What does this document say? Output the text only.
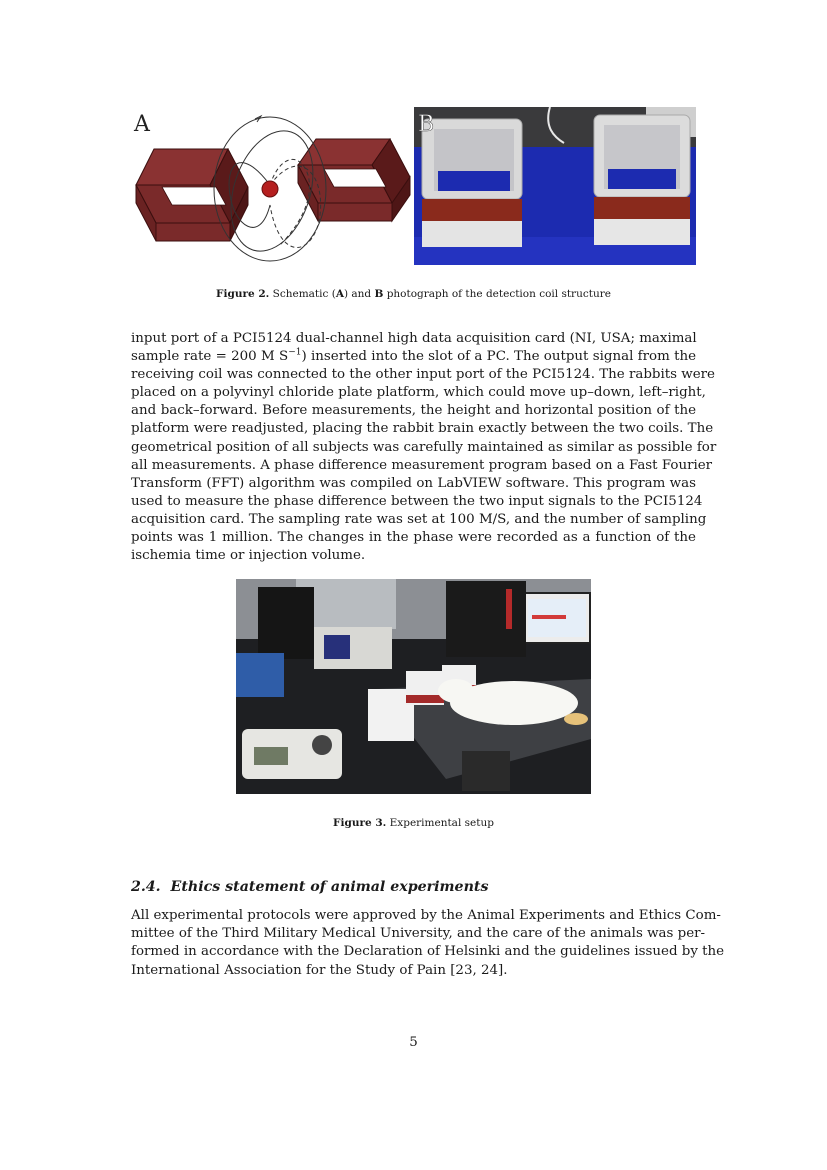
A	B
Figure 2. Schematic (A) and B photograph of the detection coil structure
input port of a PCI5124 dual-channel high data acquisition card (NI, USA; maximal
sample rate = 200 M $S^{-1}$) inserted into the slot of a PC. The output signal from the
receiving coil was connected to the other input port of the PCI5124. The rabbits were
placed on a polyvinyl chloride plate platform, which could move up–down, left–right,
and back–forward. Before measurements, the height and horizontal position of the
platform were readjusted, placing the rabbit brain exactly between the two coils. The
geometrical position of all subjects was carefully maintained as similar as possible for
all measurements. A phase difference measurement program based on a Fast Fourier
Transform (FFT) algorithm was compiled on LabVIEW software. This program was
used to measure the phase difference between the two input signals to the PCI5124
acquisition card. The sampling rate was set at 100 M/S, and the number of sampling
points was 1 million. The changes in the phase were recorded as a function of the
ischemia time or injection volume.
Figure 3. Experimental setup
2.4. Ethics statement of animal experiments
All experimental protocols were approved by the Animal Experiments and Ethics Com-
mittee of the Third Military Medical University, and the care of the animals was per-
formed in accordance with the Declaration of Helsinki and the guidelines issued by the
International Association for the Study of Pain [23, 24].
5
